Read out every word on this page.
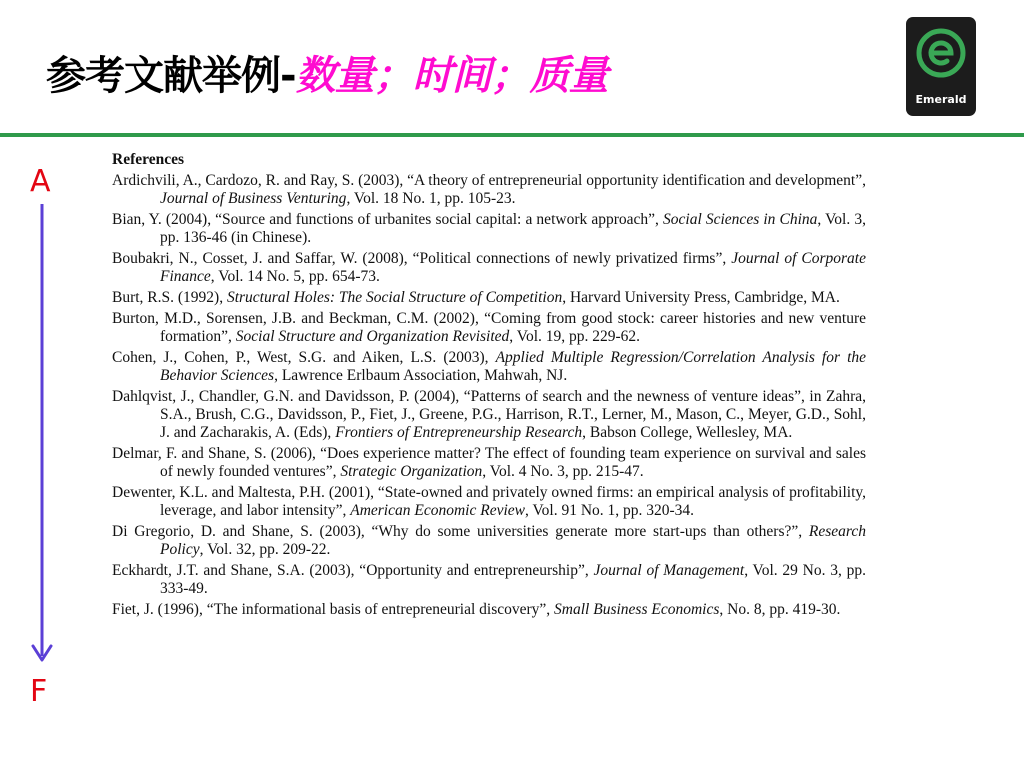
参考文献举例-数量；时间；质量
Emerald
A
F
References
Ardichvili, A., Cardozo, R. and Ray, S. (2003), “A theory of entrepreneurial opportunity identification and development”, Journal of Business Venturing, Vol. 18 No. 1, pp. 105-23.
Bian, Y. (2004), “Source and functions of urbanites social capital: a network approach”, Social Sciences in China, Vol. 3, pp. 136-46 (in Chinese).
Boubakri, N., Cosset, J. and Saffar, W. (2008), “Political connections of newly privatized firms”, Journal of Corporate Finance, Vol. 14 No. 5, pp. 654-73.
Burt, R.S. (1992), Structural Holes: The Social Structure of Competition, Harvard University Press, Cambridge, MA.
Burton, M.D., Sorensen, J.B. and Beckman, C.M. (2002), “Coming from good stock: career histories and new venture formation”, Social Structure and Organization Revisited, Vol. 19, pp. 229-62.
Cohen, J., Cohen, P., West, S.G. and Aiken, L.S. (2003), Applied Multiple Regression/Correlation Analysis for the Behavior Sciences, Lawrence Erlbaum Association, Mahwah, NJ.
Dahlqvist, J., Chandler, G.N. and Davidsson, P. (2004), “Patterns of search and the newness of venture ideas”, in Zahra, S.A., Brush, C.G., Davidsson, P., Fiet, J., Greene, P.G., Harrison, R.T., Lerner, M., Mason, C., Meyer, G.D., Sohl, J. and Zacharakis, A. (Eds), Frontiers of Entrepreneurship Research, Babson College, Wellesley, MA.
Delmar, F. and Shane, S. (2006), “Does experience matter? The effect of founding team experience on survival and sales of newly founded ventures”, Strategic Organization, Vol. 4 No. 3, pp. 215-47.
Dewenter, K.L. and Maltesta, P.H. (2001), “State-owned and privately owned firms: an empirical analysis of profitability, leverage, and labor intensity”, American Economic Review, Vol. 91 No. 1, pp. 320-34.
Di Gregorio, D. and Shane, S. (2003), “Why do some universities generate more start-ups than others?”, Research Policy, Vol. 32, pp. 209-22.
Eckhardt, J.T. and Shane, S.A. (2003), “Opportunity and entrepreneurship”, Journal of Management, Vol. 29 No. 3, pp. 333-49.
Fiet, J. (1996), “The informational basis of entrepreneurial discovery”, Small Business Economics, No. 8, pp. 419-30.
